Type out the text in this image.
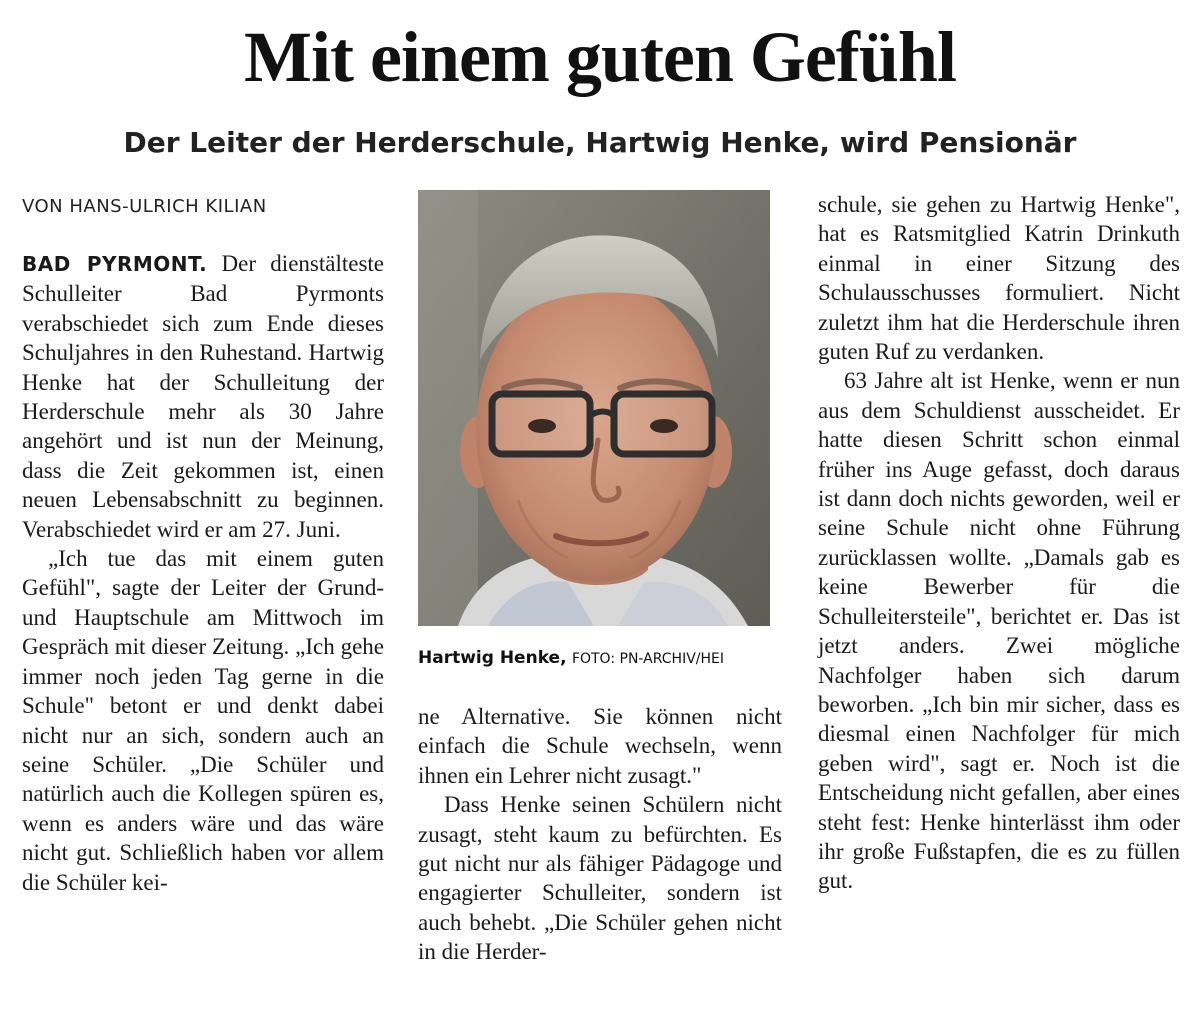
Mit einem guten Gefühl
Der Leiter der Herderschule, Hartwig Henke, wird Pensionär
VON HANS-ULRICH KILIAN

BAD PYRMONT. Der dienstälteste Schulleiter Bad Pyrmonts verabschiedet sich zum Ende dieses Schuljahres in den Ruhestand. Hartwig Henke hat der Schulleitung der Herderschule mehr als 30 Jahre angehört und ist nun der Meinung, dass die Zeit gekommen ist, einen neuen Lebensabschnitt zu beginnen. Verabschiedet wird er am 27. Juni.

„Ich tue das mit einem guten Gefühl", sagte der Leiter der Grund- und Hauptschule am Mittwoch im Gespräch mit dieser Zeitung. „Ich gehe immer noch jeden Tag gerne in die Schule" betont er und denkt dabei nicht nur an sich, sondern auch an seine Schüler. „Die Schüler und natürlich auch die Kollegen spüren es, wenn es anders wäre und das wäre nicht gut. Schließlich haben vor allem die Schüler kei-

Hartwig Henke, FOTO: PN-ARCHIV/HEI

ne Alternative. Sie können nicht einfach die Schule wechseln, wenn ihnen ein Lehrer nicht zusagt."

Dass Henke seinen Schülern nicht zusagt, steht kaum zu befürchten. Es gut nicht nur als fähiger Pädagoge und engagierter Schulleiter, sondern ist auch behebt. „Die Schüler gehen nicht in die Herder-

schule, sie gehen zu Hartwig Henke", hat es Ratsmitglied Katrin Drinkuth einmal in einer Sitzung des Schulausschusses formuliert. Nicht zuletzt ihm hat die Herderschule ihren guten Ruf zu verdanken.

63 Jahre alt ist Henke, wenn er nun aus dem Schuldienst ausscheidet. Er hatte diesen Schritt schon einmal früher ins Auge gefasst, doch daraus ist dann doch nichts geworden, weil er seine Schule nicht ohne Führung zurücklassen wollte. „Damals gab es keine Bewerber für die Schulleitersteile", berichtet er. Das ist jetzt anders. Zwei mögliche Nachfolger haben sich darum beworben. „Ich bin mir sicher, dass es diesmal einen Nachfolger für mich geben wird", sagt er. Noch ist die Entscheidung nicht gefallen, aber eines steht fest: Henke hinterlässt ihm oder ihr große Fußstapfen, die es zu füllen gut.
